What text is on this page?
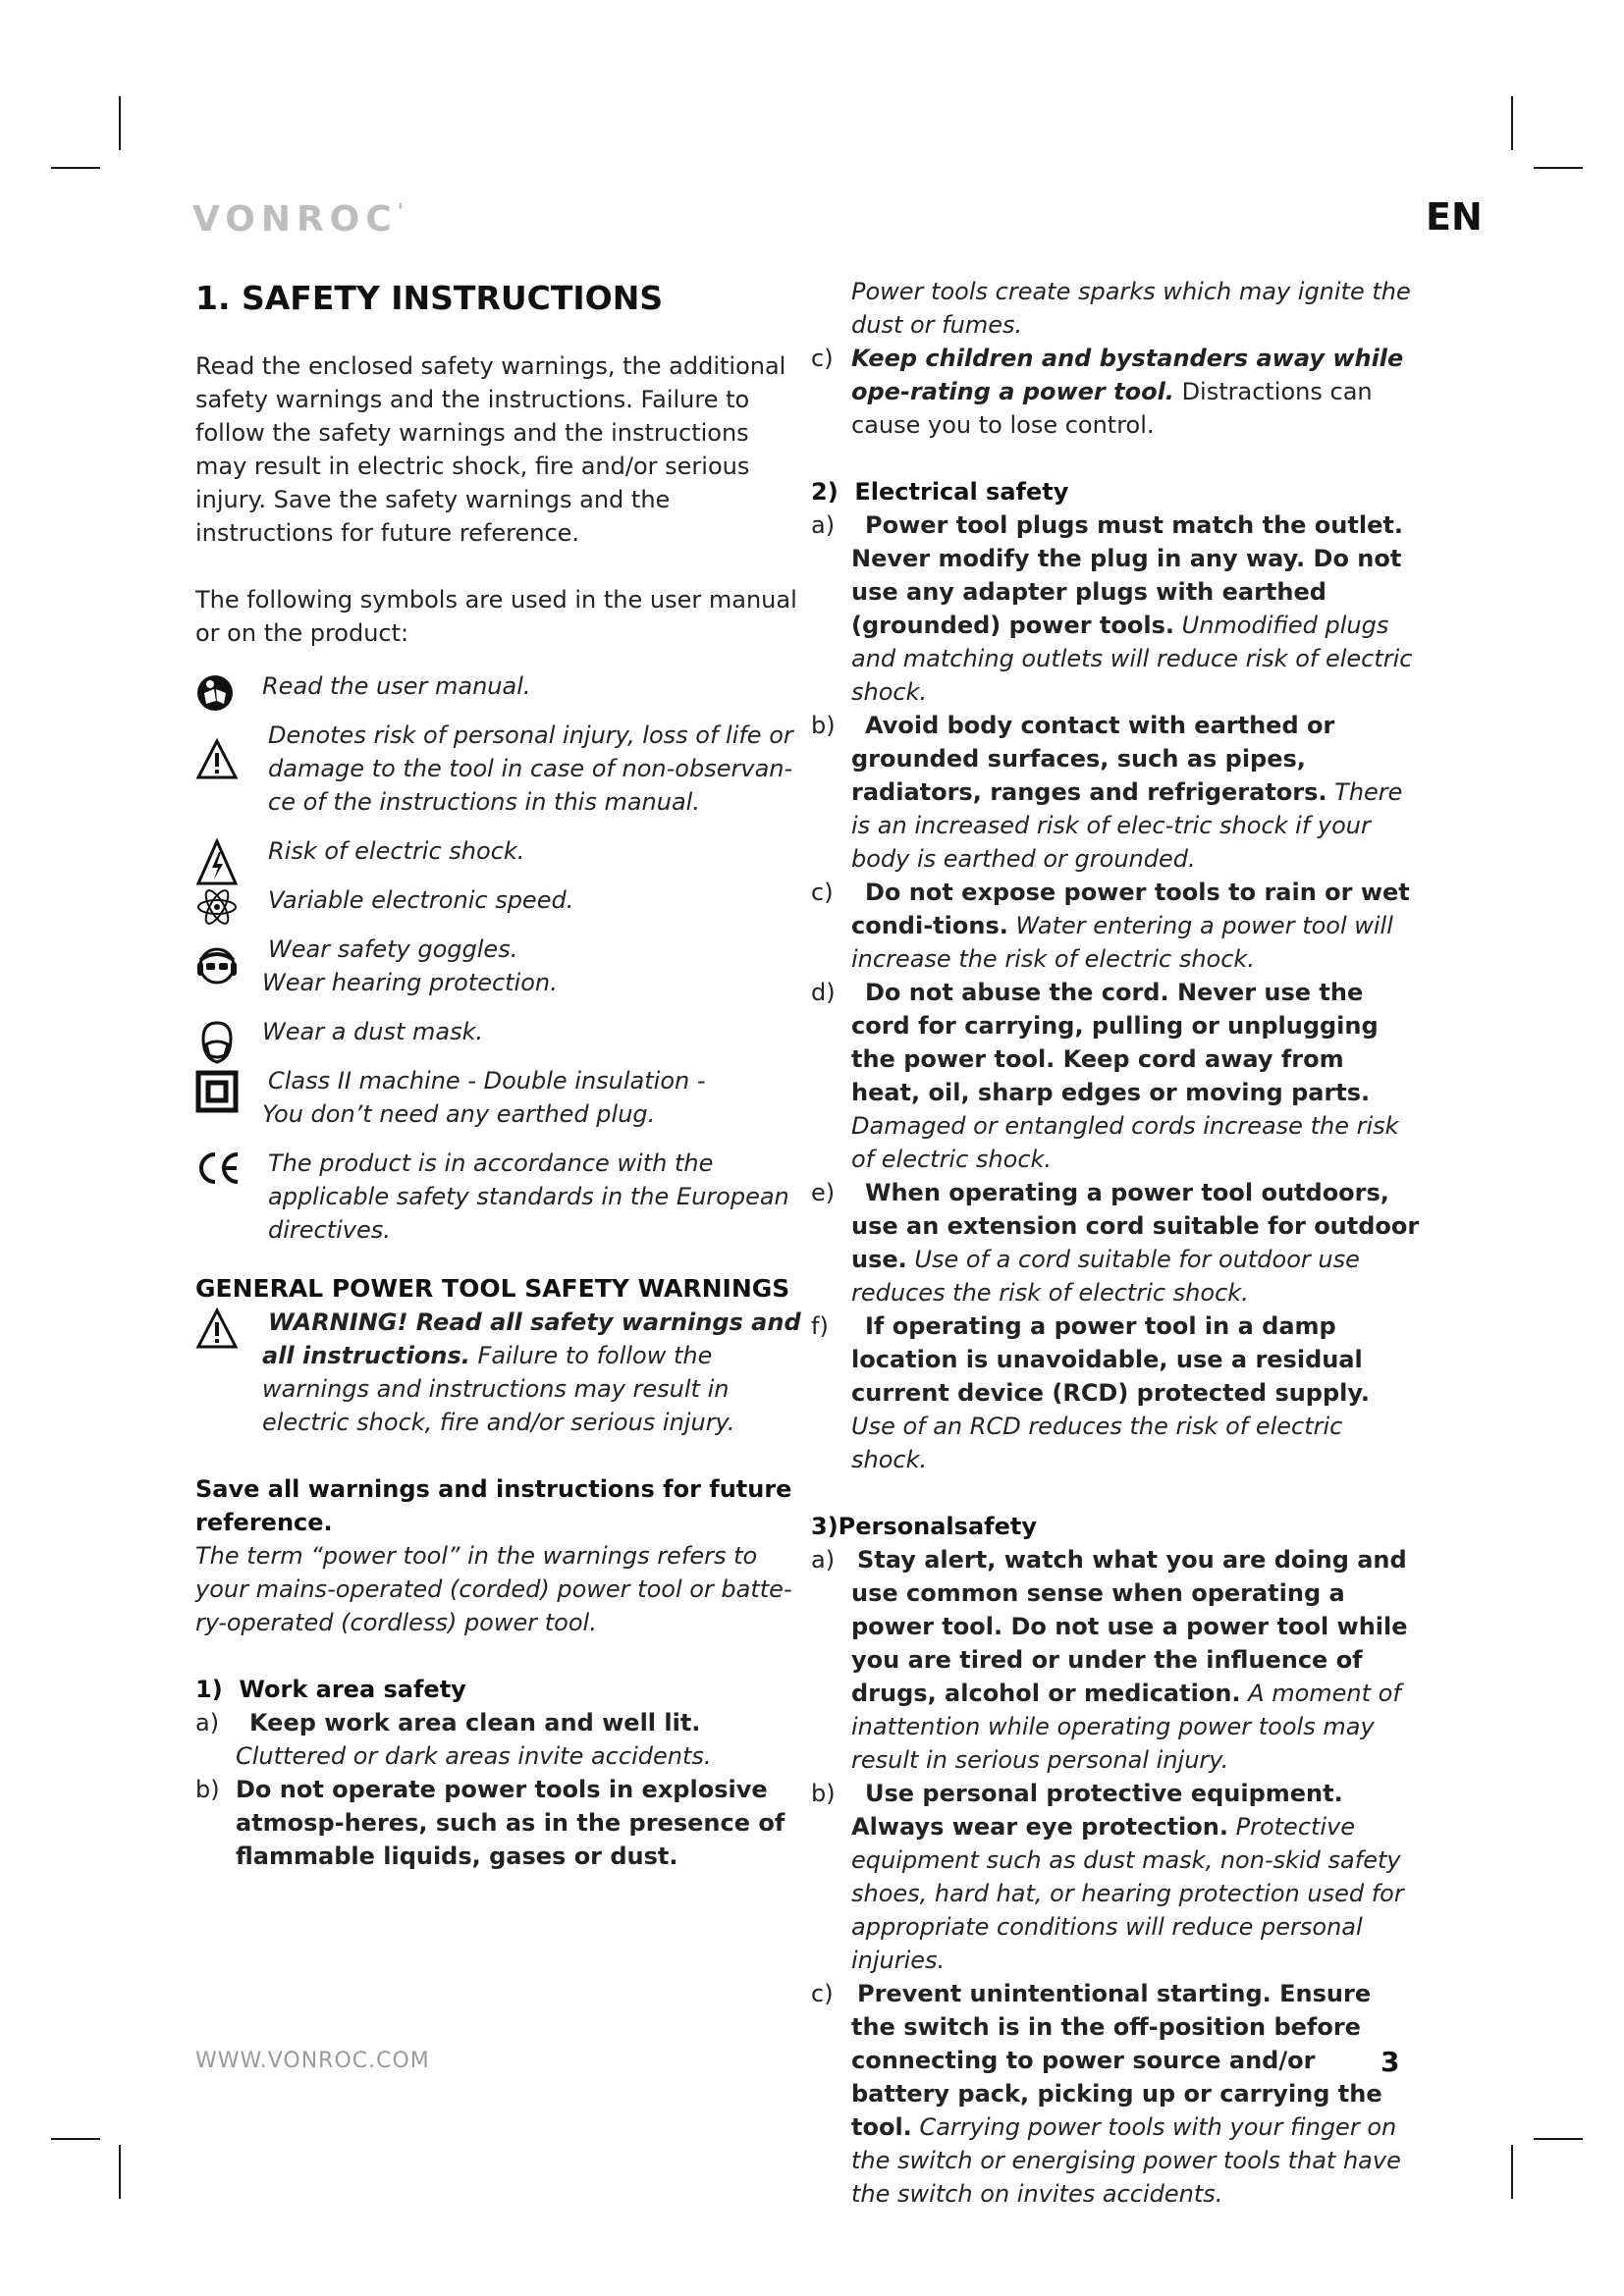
VONROC'	EN
1. SAFETY INSTRUCTIONS

Read the enclosed safety warnings, the additional safety warnings and the instructions. Failure to follow the safety warnings and the instructions may result in electric shock, fire and/or serious injury. Save the safety warnings and the instructions for future reference.

The following symbols are used in the user manual or on the product:

Read the user manual.

Denotes risk of personal injury, loss of life or damage to the tool in case of non-observan-ce of the instructions in this manual.

Risk of electric shock.

Variable electronic speed.

Wear safety goggles.

Wear hearing protection.

Wear a dust mask.

Class II machine - Double insulation -

You don’t need any earthed plug.

The product is in accordance with the applicable safety standards in the European directives.

GENERAL POWER TOOL SAFETY WARNINGS

WARNING! Read all safety warnings and all instructions. Failure to follow the warnings and instructions may result in electric shock, fire and/or serious injury.

Save all warnings and instructions for future reference.

The term “power tool” in the warnings refers to your mains-operated (corded) power tool or batte-ry-operated (cordless) power tool.

1) Work area safety
a)	Keep work area clean and well lit. Cluttered or dark areas invite accidents.

b) Do not operate power tools in explosive atmosp-heres, such as in the presence of flammable liquids, gases or dust.

Power tools create sparks which may ignite the dust or fumes.

c) Keep children and bystanders away while ope-rating a power tool. Distractions can cause you to lose control.

2) Electrical safety
a)	Power tool plugs must match the outlet. Never modify the plug in any way. Do not use any adapter plugs with earthed (grounded) power tools. Unmodified plugs and matching outlets will reduce risk of electric shock.

b)	Avoid body contact with earthed or grounded surfaces, such as pipes, radiators, ranges and refrigerators. There is an increased risk of elec-tric shock if your body is earthed or grounded.

c)	Do not expose power tools to rain or wet condi-tions. Water entering a power tool will increase the risk of electric shock.

d)	Do not abuse the cord. Never use the cord for carrying, pulling or unplugging the power tool. Keep cord away from heat, oil, sharp edges or moving parts. Damaged or entangled cords increase the risk of electric shock.

e)	When operating a power tool outdoors, use an extension cord suitable for outdoor use. Use of a cord suitable for outdoor use reduces the risk of electric shock.

f)	If operating a power tool in a damp location is unavoidable, use a residual current device (RCD) protected supply. Use of an RCD reduces the risk of electric shock.

3)Personalsafety
a) Stay alert, watch what you are doing and use common sense when operating a power tool. Do not use a power tool while you are tired or under the influence of drugs, alcohol or medication. A moment of inattention while operating power tools may result in serious personal injury.

b)	Use personal protective equipment. Always wear eye protection. Protective equipment such as dust mask, non-skid safety shoes, hard hat, or hearing protection used for appropriate conditions will reduce personal injuries.

c)	Prevent unintentional starting. Ensure the switch is in the off-position before connecting to power source and/or battery pack, picking up or carrying the tool. Carrying power tools with your finger on the switch or energising power tools that have the switch on invites accidents.

WWW.VONROC.COM	3
